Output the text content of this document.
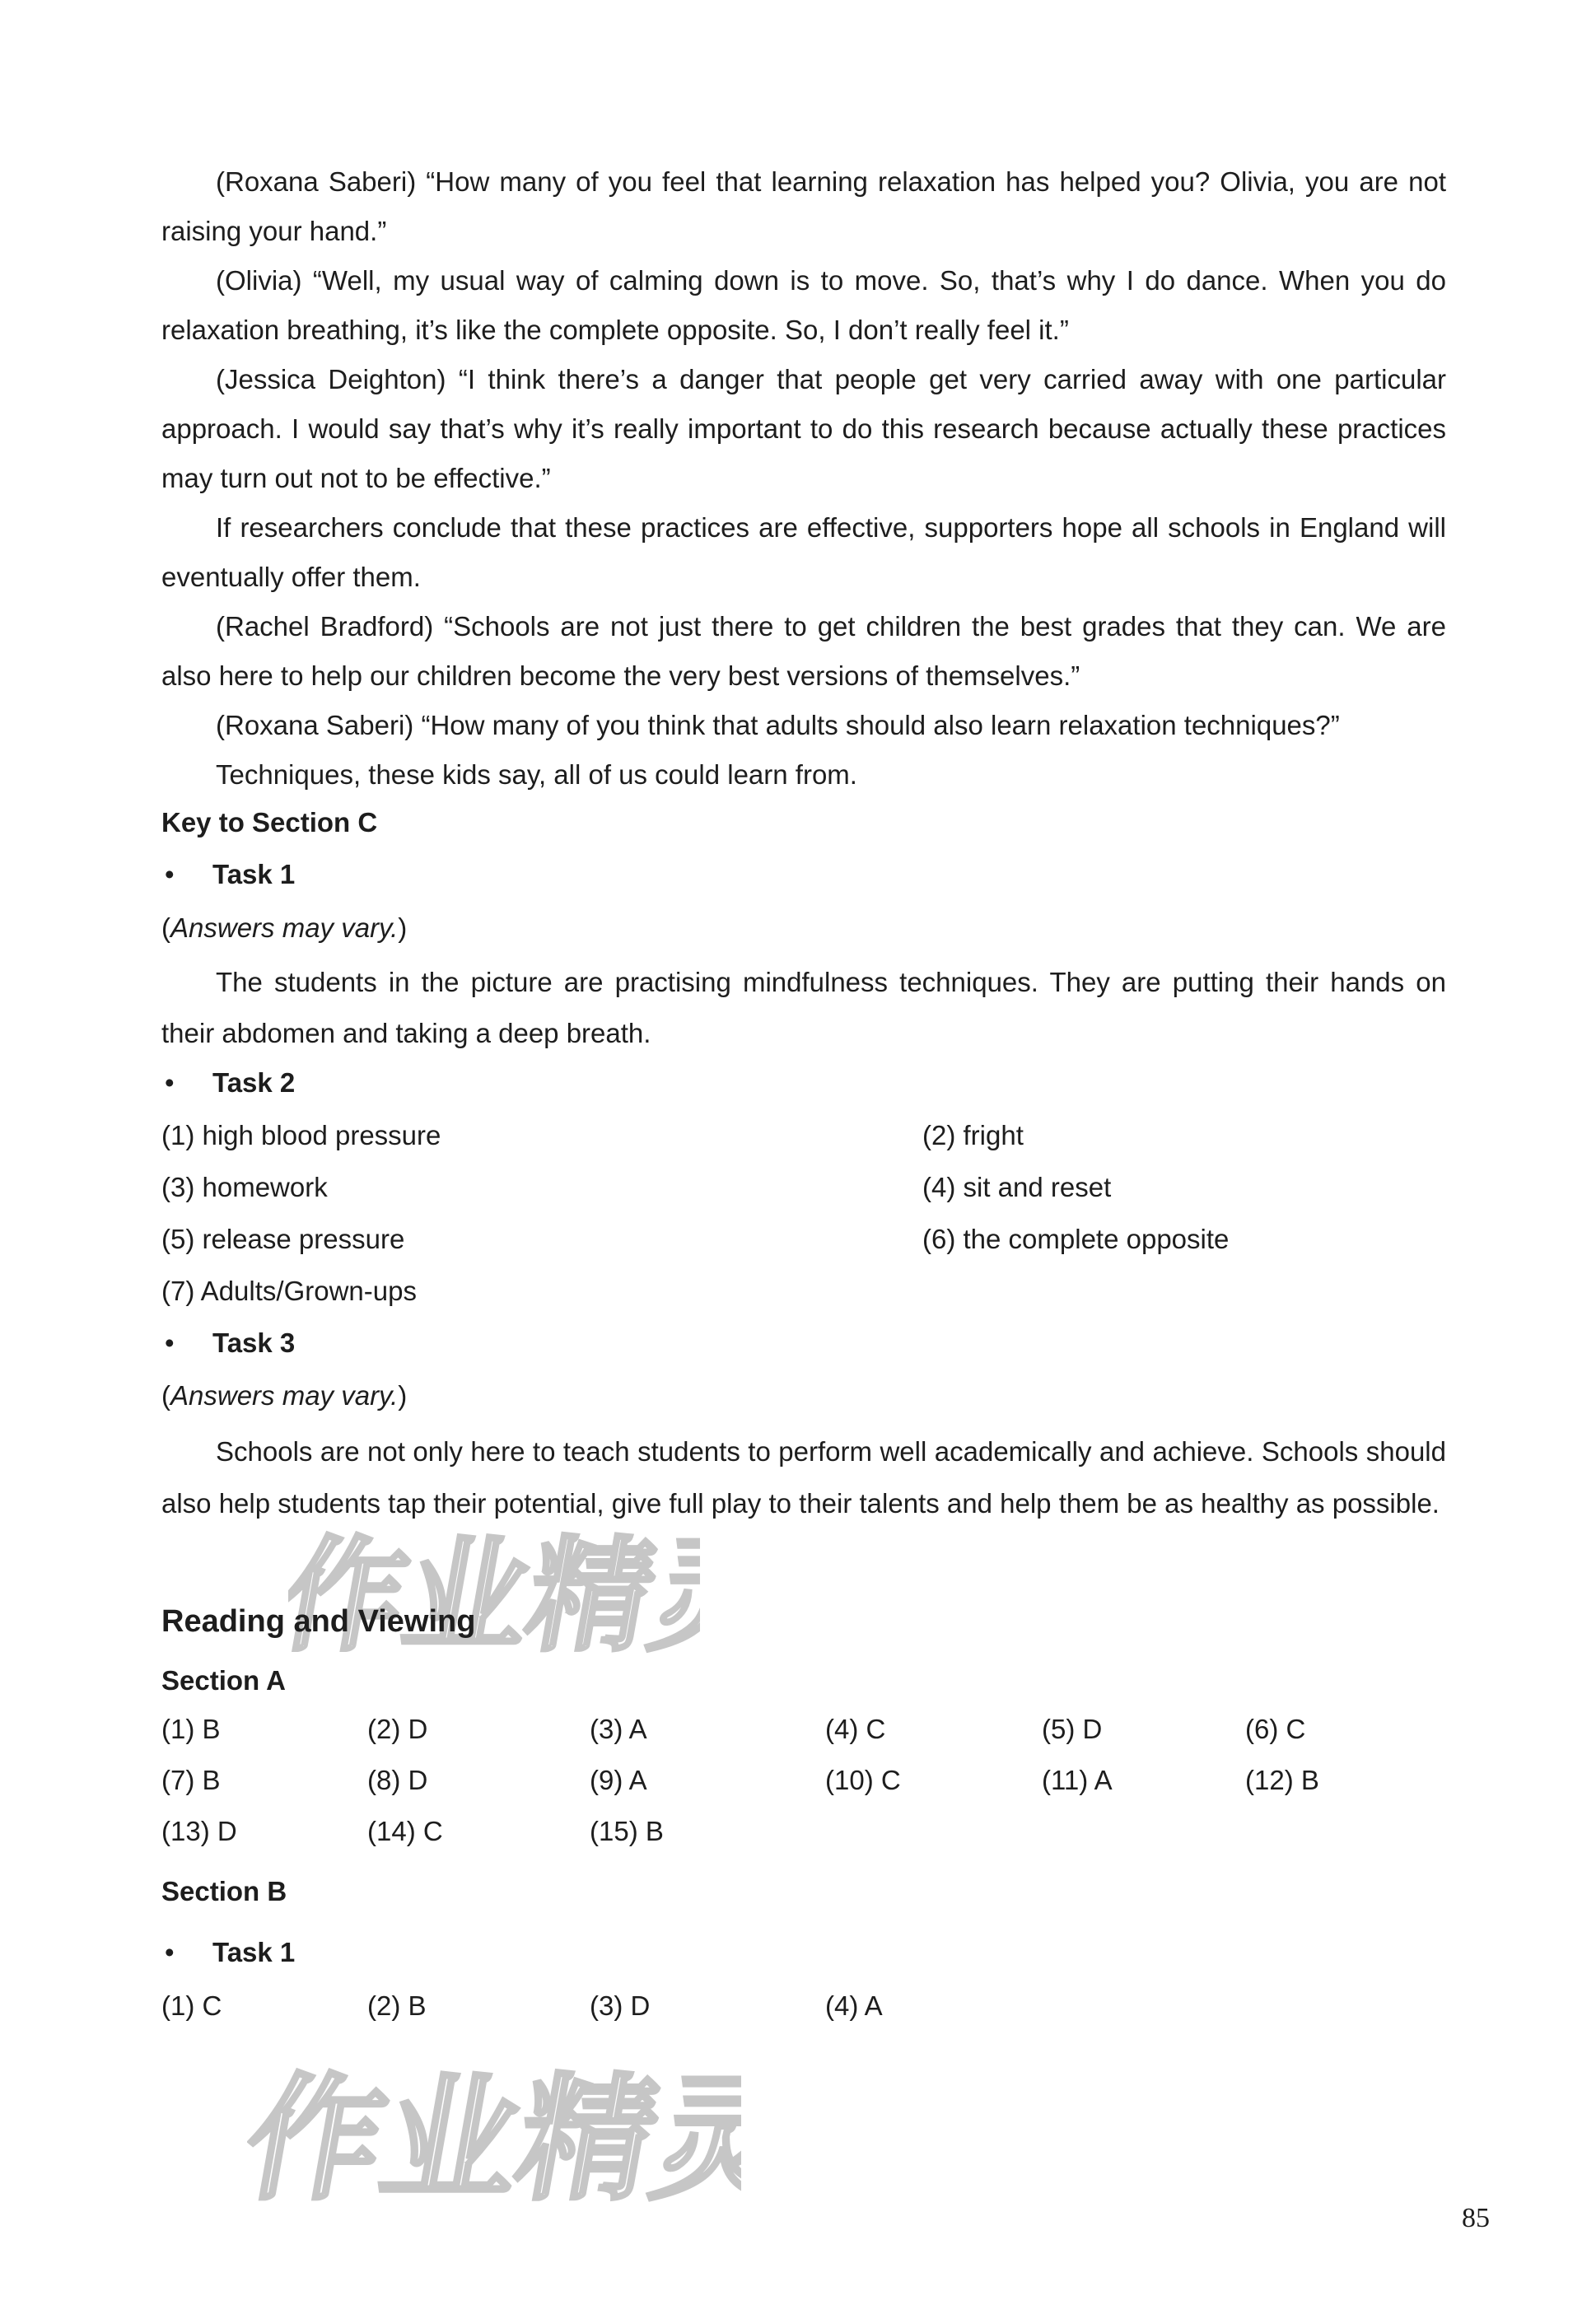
(Roxana Saberi) “How many of you feel that learning relaxation has helped you? Olivia, you are not raising your hand.”

(Olivia) “Well, my usual way of calming down is to move. So, that’s why I do dance. When you do relaxation breathing, it’s like the complete opposite. So, I don’t really feel it.”

(Jessica Deighton) “I think there’s a danger that people get very carried away with one particular approach. I would say that’s why it’s really important to do this research because actually these practices may turn out not to be effective.”

If researchers conclude that these practices are effective, supporters hope all schools in England will eventually offer them.

(Rachel Bradford) “Schools are not just there to get children the best grades that they can. We are also here to help our children become the very best versions of themselves.”

(Roxana Saberi) “How many of you think that adults should also learn relaxation techniques?”

Techniques, these kids say, all of us could learn from.

Key to Section C
• Task 1
(Answers may vary.)

The students in the picture are practising mindfulness techniques. They are putting their hands on their abdomen and taking a deep breath.

• Task 2
(1) high blood pressure	(2) fright
(3) homework	(4) sit and reset
(5) release pressure	(6) the complete opposite
(7) Adults/Grown-ups
• Task 3
(Answers may vary.)

Schools are not only here to teach students to perform well academically and achieve. Schools should also help students tap their potential, give full play to their talents and help them be as healthy as possible.

作业精灵
Reading and Viewing
Section A
(1) B	(2) D	(3) A	(4) C	(5) D	(6) C
(7) B	(8) D	(9) A	(10) C	(11) A	(12) B
(13) D	(14) C	(15) B
Section B
• Task 1
(1) C	(2) B	(3) D	(4) A
作业精灵	85
